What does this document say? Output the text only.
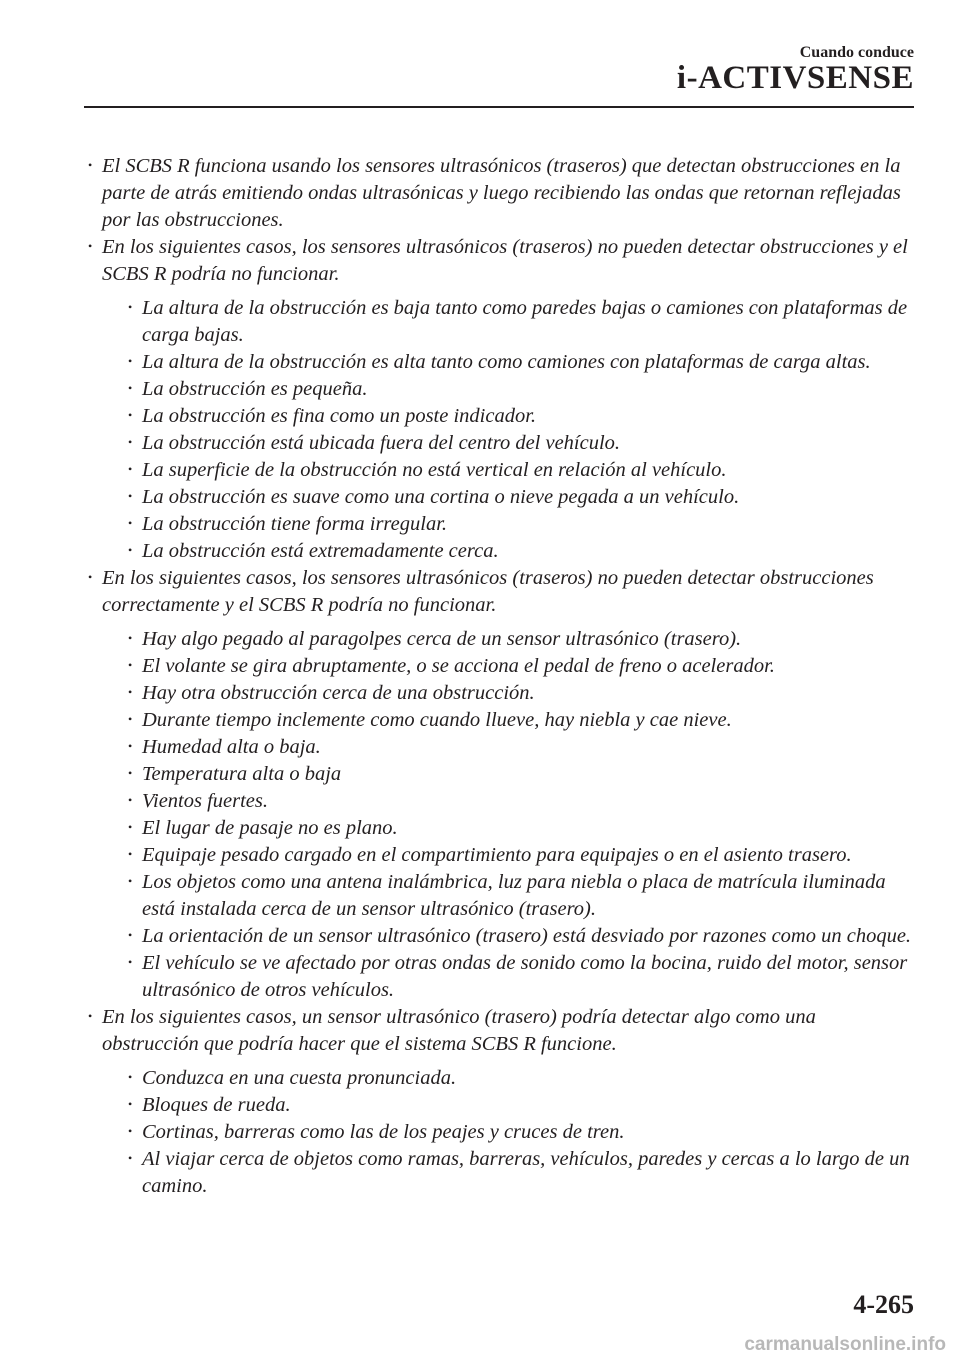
Cuando conduce
i-ACTIVSENSE
• El SCBS R funciona usando los sensores ultrasónicos (traseros) que detectan obstrucciones en la parte de atrás emitiendo ondas ultrasónicas y luego recibiendo las ondas que retornan reflejadas por las obstrucciones.
• En los siguientes casos, los sensores ultrasónicos (traseros) no pueden detectar obstrucciones y el SCBS R podría no funcionar.
• La altura de la obstrucción es baja tanto como paredes bajas o camiones con plataformas de carga bajas.
• La altura de la obstrucción es alta tanto como camiones con plataformas de carga altas.
• La obstrucción es pequeña.
• La obstrucción es fina como un poste indicador.
• La obstrucción está ubicada fuera del centro del vehículo.
• La superficie de la obstrucción no está vertical en relación al vehículo.
• La obstrucción es suave como una cortina o nieve pegada a un vehículo.
• La obstrucción tiene forma irregular.
• La obstrucción está extremadamente cerca.
• En los siguientes casos, los sensores ultrasónicos (traseros) no pueden detectar obstrucciones correctamente y el SCBS R podría no funcionar.
• Hay algo pegado al paragolpes cerca de un sensor ultrasónico (trasero).
• El volante se gira abruptamente, o se acciona el pedal de freno o acelerador.
• Hay otra obstrucción cerca de una obstrucción.
• Durante tiempo inclemente como cuando llueve, hay niebla y cae nieve.
• Humedad alta o baja.
• Temperatura alta o baja
• Vientos fuertes.
• El lugar de pasaje no es plano.
• Equipaje pesado cargado en el compartimiento para equipajes o en el asiento trasero.
• Los objetos como una antena inalámbrica, luz para niebla o placa de matrícula iluminada está instalada cerca de un sensor ultrasónico (trasero).
• La orientación de un sensor ultrasónico (trasero) está desviado por razones como un choque.
• El vehículo se ve afectado por otras ondas de sonido como la bocina, ruido del motor, sensor ultrasónico de otros vehículos.
• En los siguientes casos, un sensor ultrasónico (trasero) podría detectar algo como una obstrucción que podría hacer que el sistema SCBS R funcione.
• Conduzca en una cuesta pronunciada.
• Bloques de rueda.
• Cortinas, barreras como las de los peajes y cruces de tren.
• Al viajar cerca de objetos como ramas, barreras, vehículos, paredes y cercas a lo largo de un camino.
4-265
carmanualsonline.info
